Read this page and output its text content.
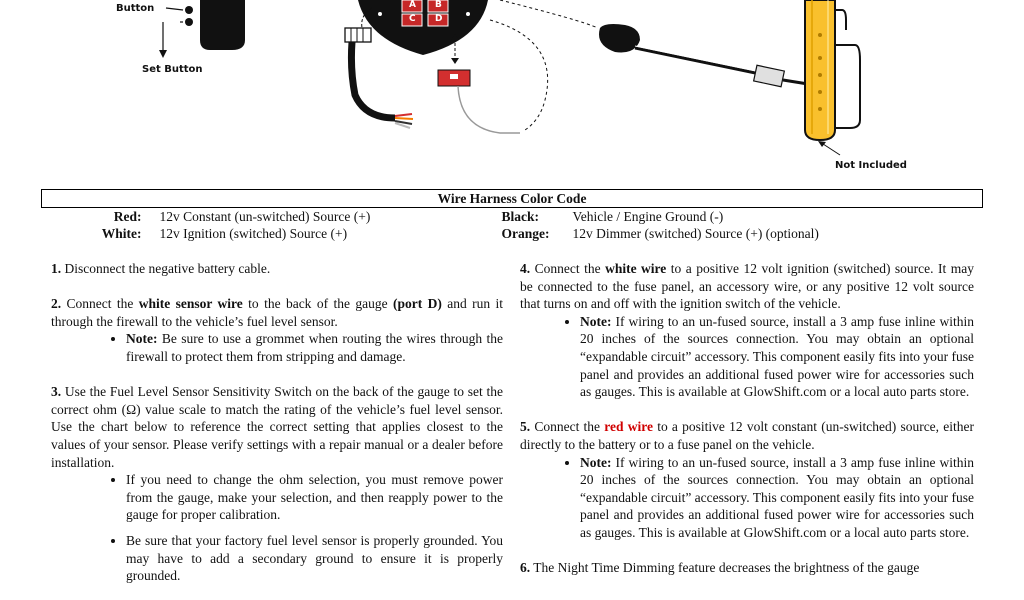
Button
Set Button
Not Included
A B
C D
Wire Harness Color Code

Red:	12v Constant (un-switched) Source (+)	Black:	Vehicle / Engine Ground (-)

White:	12v Ignition (switched) Source (+)	Orange:	12v Dimmer (switched) Source (+) (optional)

1. Disconnect the negative battery cable.

2. Connect the white sensor wire to the back of the gauge (port D) and run it through the firewall to the vehicle’s fuel level sensor.

• Note: Be sure to use a grommet when routing the wires through the firewall to protect them from stripping and damage.

3. Use the Fuel Level Sensor Sensitivity Switch on the back of the gauge to set the correct ohm (Ω) value scale to match the rating of the vehicle’s fuel level sensor. Use the chart below to reference the correct setting that applies closest to the values of your sensor. Please verify settings with a repair manual or a dealer before installation.

• If you need to change the ohm selection, you must remove power from the gauge, make your selection, and then reapply power to the gauge for proper calibration.
• Be sure that your factory fuel level sensor is properly grounded. You may have to add a secondary ground to ensure it is properly grounded.

4. Connect the white wire to a positive 12 volt ignition (switched) source. It may be connected to the fuse panel, an accessory wire, or any positive 12 volt source that turns on and off with the ignition switch of the vehicle.

• Note: If wiring to an un-fused source, install a 3 amp fuse inline within 20 inches of the sources connection. You may obtain an optional “expandable circuit” accessory. This component easily fits into your fuse panel and provides an additional fused power wire for accessories such as gauges. This is available at GlowShift.com or a local auto parts store.

5. Connect the red wire to a positive 12 volt constant (un-switched) source, either directly to the battery or to a fuse panel on the vehicle.

• Note: If wiring to an un-fused source, install a 3 amp fuse inline within 20 inches of the sources connection. You may obtain an optional “expandable circuit” accessory. This component easily fits into your fuse panel and provides an additional fused power wire for accessories such as gauges. This is available at GlowShift.com or a local auto parts store.

6. The Night Time Dimming feature decreases the brightness of the gauge
